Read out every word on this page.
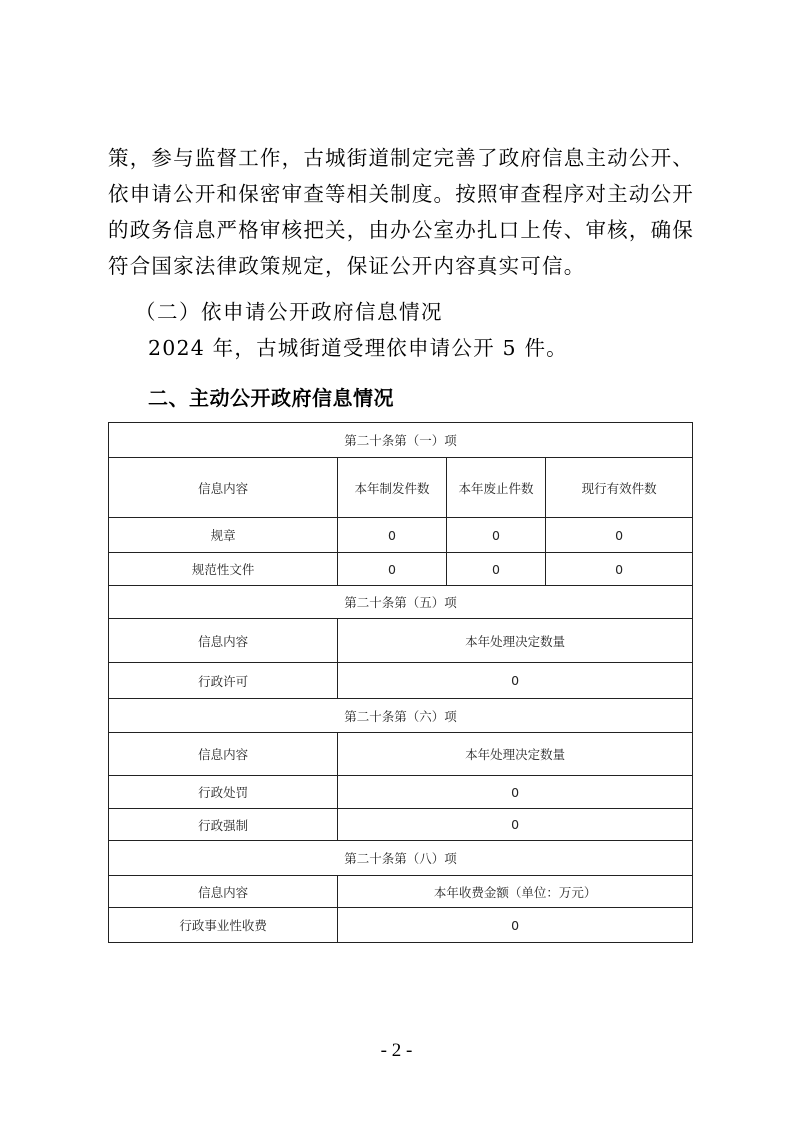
策，参与监督工作，古城街道制定完善了政府信息主动公开、依申请公开和保密审查等相关制度。按照审查程序对主动公开的政务信息严格审核把关，由办公室办扎口上传、审核，确保符合国家法律政策规定，保证公开内容真实可信。
（二）依申请公开政府信息情况
2024 年，古城街道受理依申请公开 5 件。
二、主动公开政府信息情况
第二十条第（一）项			
信息内容	本年制发件数	本年废止件数	现行有效件数
规章	0	0	0
规范性文件	0	0	0
第二十条第（五）项			
信息内容	本年处理决定数量		
行政许可	0		
第二十条第（六）项			
信息内容	本年处理决定数量		
行政处罚	0		
行政强制	0		
第二十条第（八）项			
信息内容	本年收费金额（单位：万元）		
行政事业性收费	0		
- 2 -
